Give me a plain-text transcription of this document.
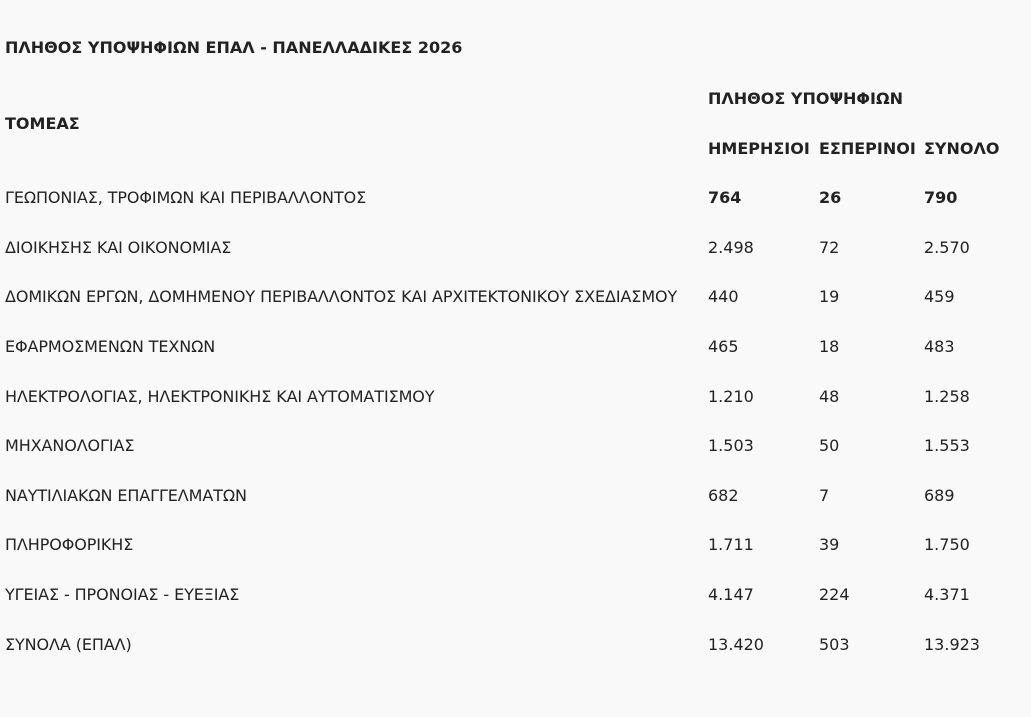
ΠΛΗΘΟΣ ΥΠΟΨΗΦΙΩΝ ΕΠΑΛ - ΠΑΝΕΛΛΑΔΙΚΕΣ 2026
ΤΟΜΕΑΣ	ΠΛΗΘΟΣ ΥΠΟΨΗΦΙΩΝ		
	ΗΜΕΡΗΣΙΟΙ	ΕΣΠΕΡΙΝΟΙ	ΣΥΝΟΛΟ
ΓΕΩΠΟΝΙΑΣ, ΤΡΟΦΙΜΩΝ ΚΑΙ ΠΕΡΙΒΑΛΛΟΝΤΟΣ	764	26	790
ΔΙΟΙΚΗΣΗΣ ΚΑΙ ΟΙΚΟΝΟΜΙΑΣ	2.498	72	2.570
ΔΟΜΙΚΩΝ ΕΡΓΩΝ, ΔΟΜΗΜΕΝΟΥ ΠΕΡΙΒΑΛΛΟΝΤΟΣ ΚΑΙ ΑΡΧΙΤΕΚΤΟΝΙΚΟΥ ΣΧΕΔΙΑΣΜΟΥ	440	19	459
ΕΦΑΡΜΟΣΜΕΝΩΝ ΤΕΧΝΩΝ	465	18	483
ΗΛΕΚΤΡΟΛΟΓΙΑΣ, ΗΛΕΚΤΡΟΝΙΚΗΣ ΚΑΙ ΑΥΤΟΜΑΤΙΣΜΟΥ	1.210	48	1.258
ΜΗΧΑΝΟΛΟΓΙΑΣ	1.503	50	1.553
ΝΑΥΤΙΛΙΑΚΩΝ ΕΠΑΓΓΕΛΜΑΤΩΝ	682	7	689
ΠΛΗΡΟΦΟΡΙΚΗΣ	1.711	39	1.750
ΥΓΕΙΑΣ - ΠΡΟΝΟΙΑΣ - ΕΥΕΞΙΑΣ	4.147	224	4.371
ΣΥΝΟΛΑ (ΕΠΑΛ)	13.420	503	13.923
